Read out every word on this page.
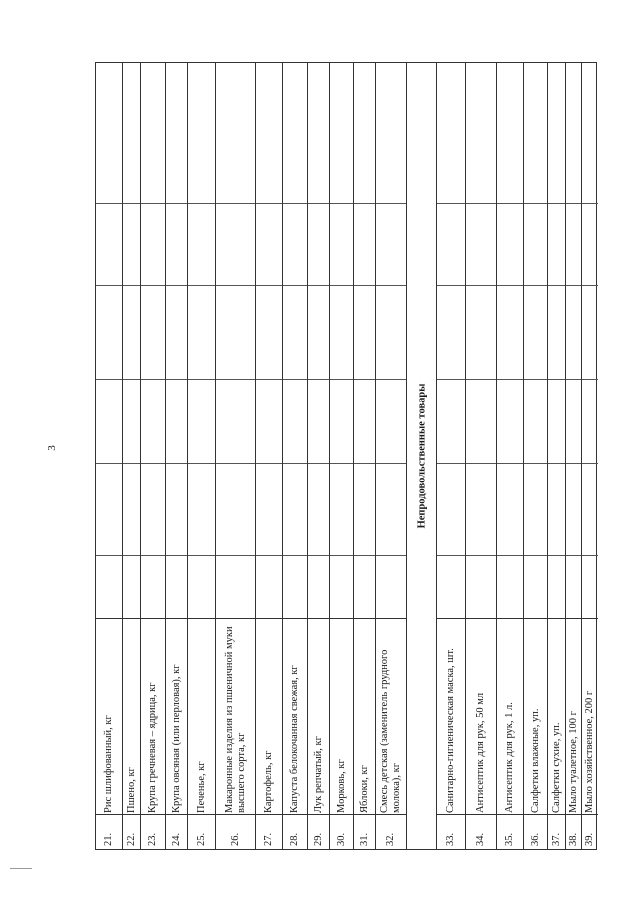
3
Рис шлифованный, кг
21.
Пшено, кг
22.
Крупа гречневая – ядрица, кг
23.
Крупа овсяная (или перловая), кг
24.
Печенье, кг
25.
Макаронные изделия из пшеничной муки высшего сорта, кг
26.
Картофель, кг
27.
Капуста белокочанная свежая, кг
28.
Лук репчатый, кг
29.
Морковь, кг
30.
Яблоки, кг
31.
Смесь детская (заменитель грудного молока), кг
32.
Непродовольственные товары
Санитарно-гигиеническая маска, шт.
33.
Антисептик для рук, 50 мл
34.
Антисептик для рук, 1 л.
35.
Салфетки влажные, уп.
36.
Салфетки сухие, уп.
37.
Мыло туалетное, 100 г
38.
Мыло хозяйственное, 200 г
39.
